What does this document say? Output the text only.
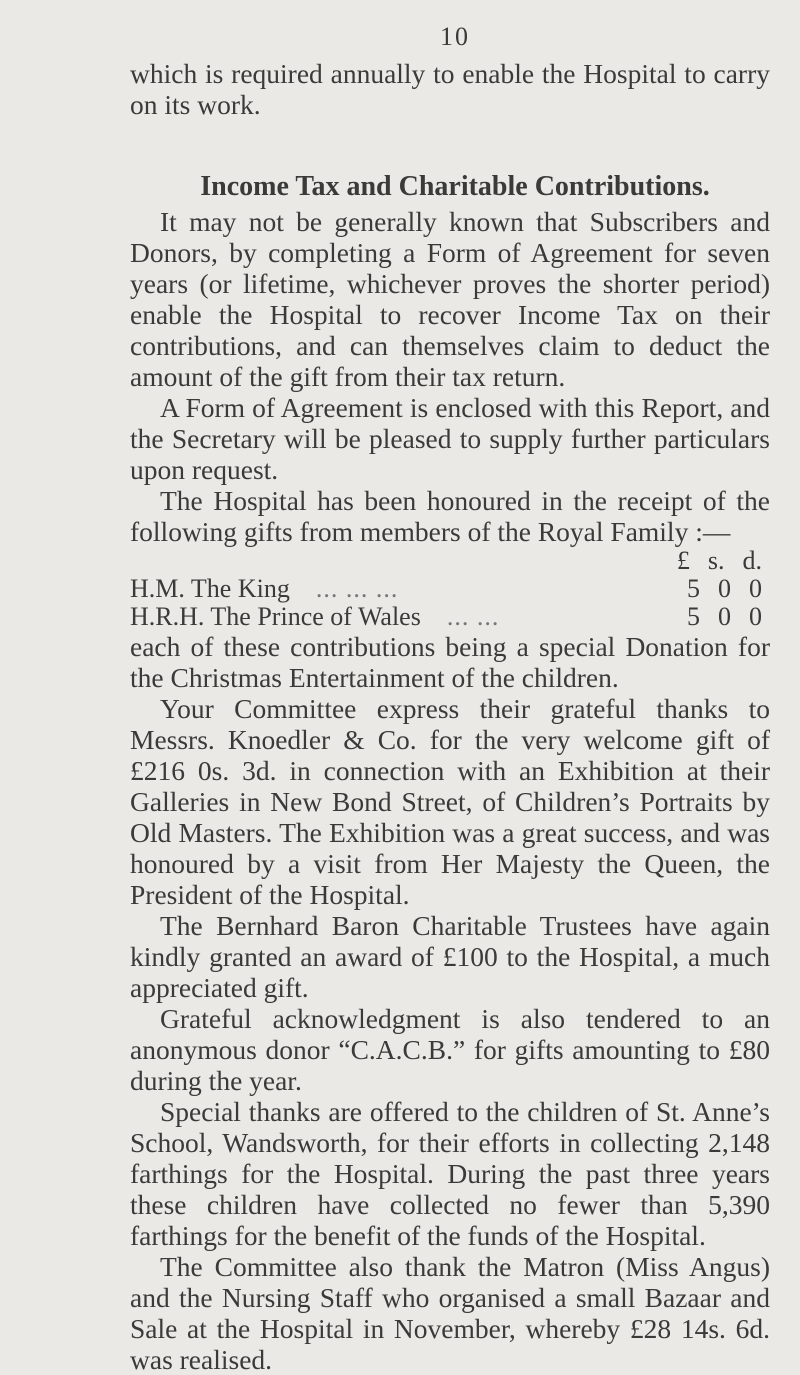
10

which is required annually to enable the Hospital to carry on its work.

Income Tax and Charitable Contributions.

It may not be generally known that Subscribers and Donors, by completing a Form of Agreement for seven years (or lifetime, whichever proves the shorter period) enable the Hospital to recover Income Tax on their contributions, and can themselves claim to deduct the amount of the gift from their tax return.

A Form of Agreement is enclosed with this Report, and the Secretary will be pleased to supply further particulars upon request.

The Hospital has been honoured in the receipt of the following gifts from members of the Royal Family :—

£ s. d.
H.M. The King ... ... ...	5 0 0
H.R.H. The Prince of Wales ... ...	5 0 0

each of these contributions being a special Donation for the Christmas Entertainment of the children.

Your Committee express their grateful thanks to Messrs. Knoedler & Co. for the very welcome gift of £216 0s. 3d. in connection with an Exhibition at their Galleries in New Bond Street, of Children’s Portraits by Old Masters. The Exhibition was a great success, and was honoured by a visit from Her Majesty the Queen, the President of the Hospital.

The Bernhard Baron Charitable Trustees have again kindly granted an award of £100 to the Hospital, a much appreciated gift.

Grateful acknowledgment is also tendered to an anonymous donor “C.A.C.B.” for gifts amounting to £80 during the year.

Special thanks are offered to the children of St. Anne’s School, Wandsworth, for their efforts in collecting 2,148 farthings for the Hospital. During the past three years these children have collected no fewer than 5,390 farthings for the benefit of the funds of the Hospital.

The Committee also thank the Matron (Miss Angus) and the Nursing Staff who organised a small Bazaar and Sale at the Hospital in November, whereby £28 14s. 6d. was realised.
